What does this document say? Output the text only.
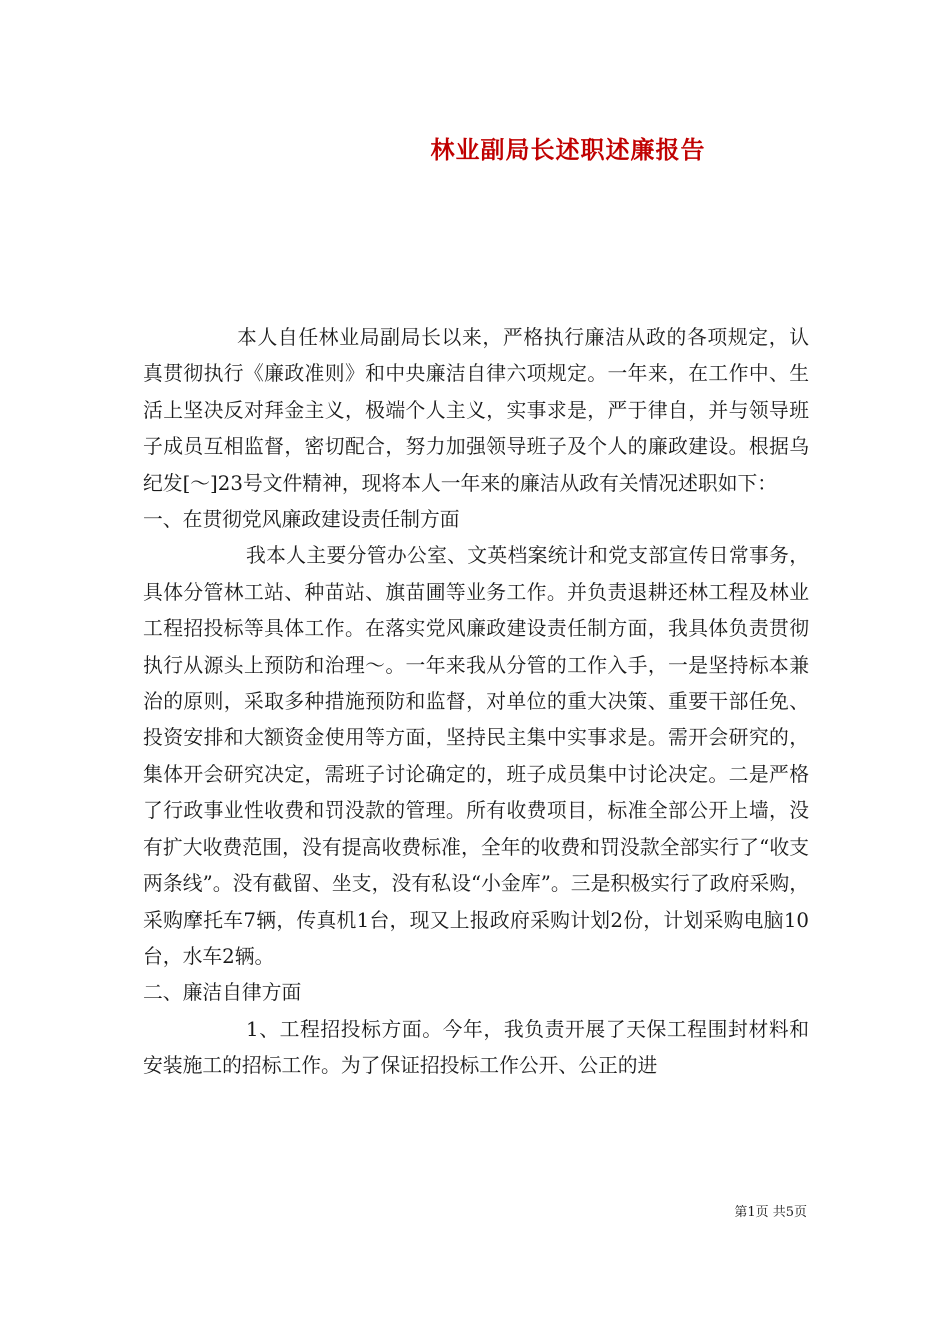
林业副局长述职述廉报告

本人自任林业局副局长以来，严格执行廉洁从政的各项规定，认真贯彻执行《廉政准则》和中央廉洁自律六项规定。一年来，在工作中、生活上坚决反对拜金主义，极端个人主义，实事求是，严于律自，并与领导班子成员互相监督，密切配合，努力加强领导班子及个人的廉政建设。根据乌纪发[～]23号文件精神，现将本人一年来的廉洁从政有关情况述职如下：

一、在贯彻党风廉政建设责任制方面

我本人主要分管办公室、文英档案统计和党支部宣传日常事务，具体分管林工站、种苗站、旗苗圃等业务工作。并负责退耕还林工程及林业工程招投标等具体工作。在落实党风廉政建设责任制方面，我具体负责贯彻执行从源头上预防和治理～。一年来我从分管的工作入手，一是坚持标本兼治的原则，采取多种措施预防和监督，对单位的重大决策、重要干部任免、投资安排和大额资金使用等方面，坚持民主集中实事求是。需开会研究的，集体开会研究决定，需班子讨论确定的，班子成员集中讨论决定。二是严格了行政事业性收费和罚没款的管理。所有收费项目，标准全部公开上墙，没有扩大收费范围，没有提高收费标准，全年的收费和罚没款全部实行了“收支两条线”。没有截留、坐支，没有私设“小金库”。三是积极实行了政府采购，采购摩托车7辆，传真机1台，现又上报政府采购计划2份，计划采购电脑10台，水车2辆。

二、廉洁自律方面

1、工程招投标方面。今年，我负责开展了天保工程围封材料和安装施工的招标工作。为了保证招投标工作公开、公正的进

第1页 共5页
